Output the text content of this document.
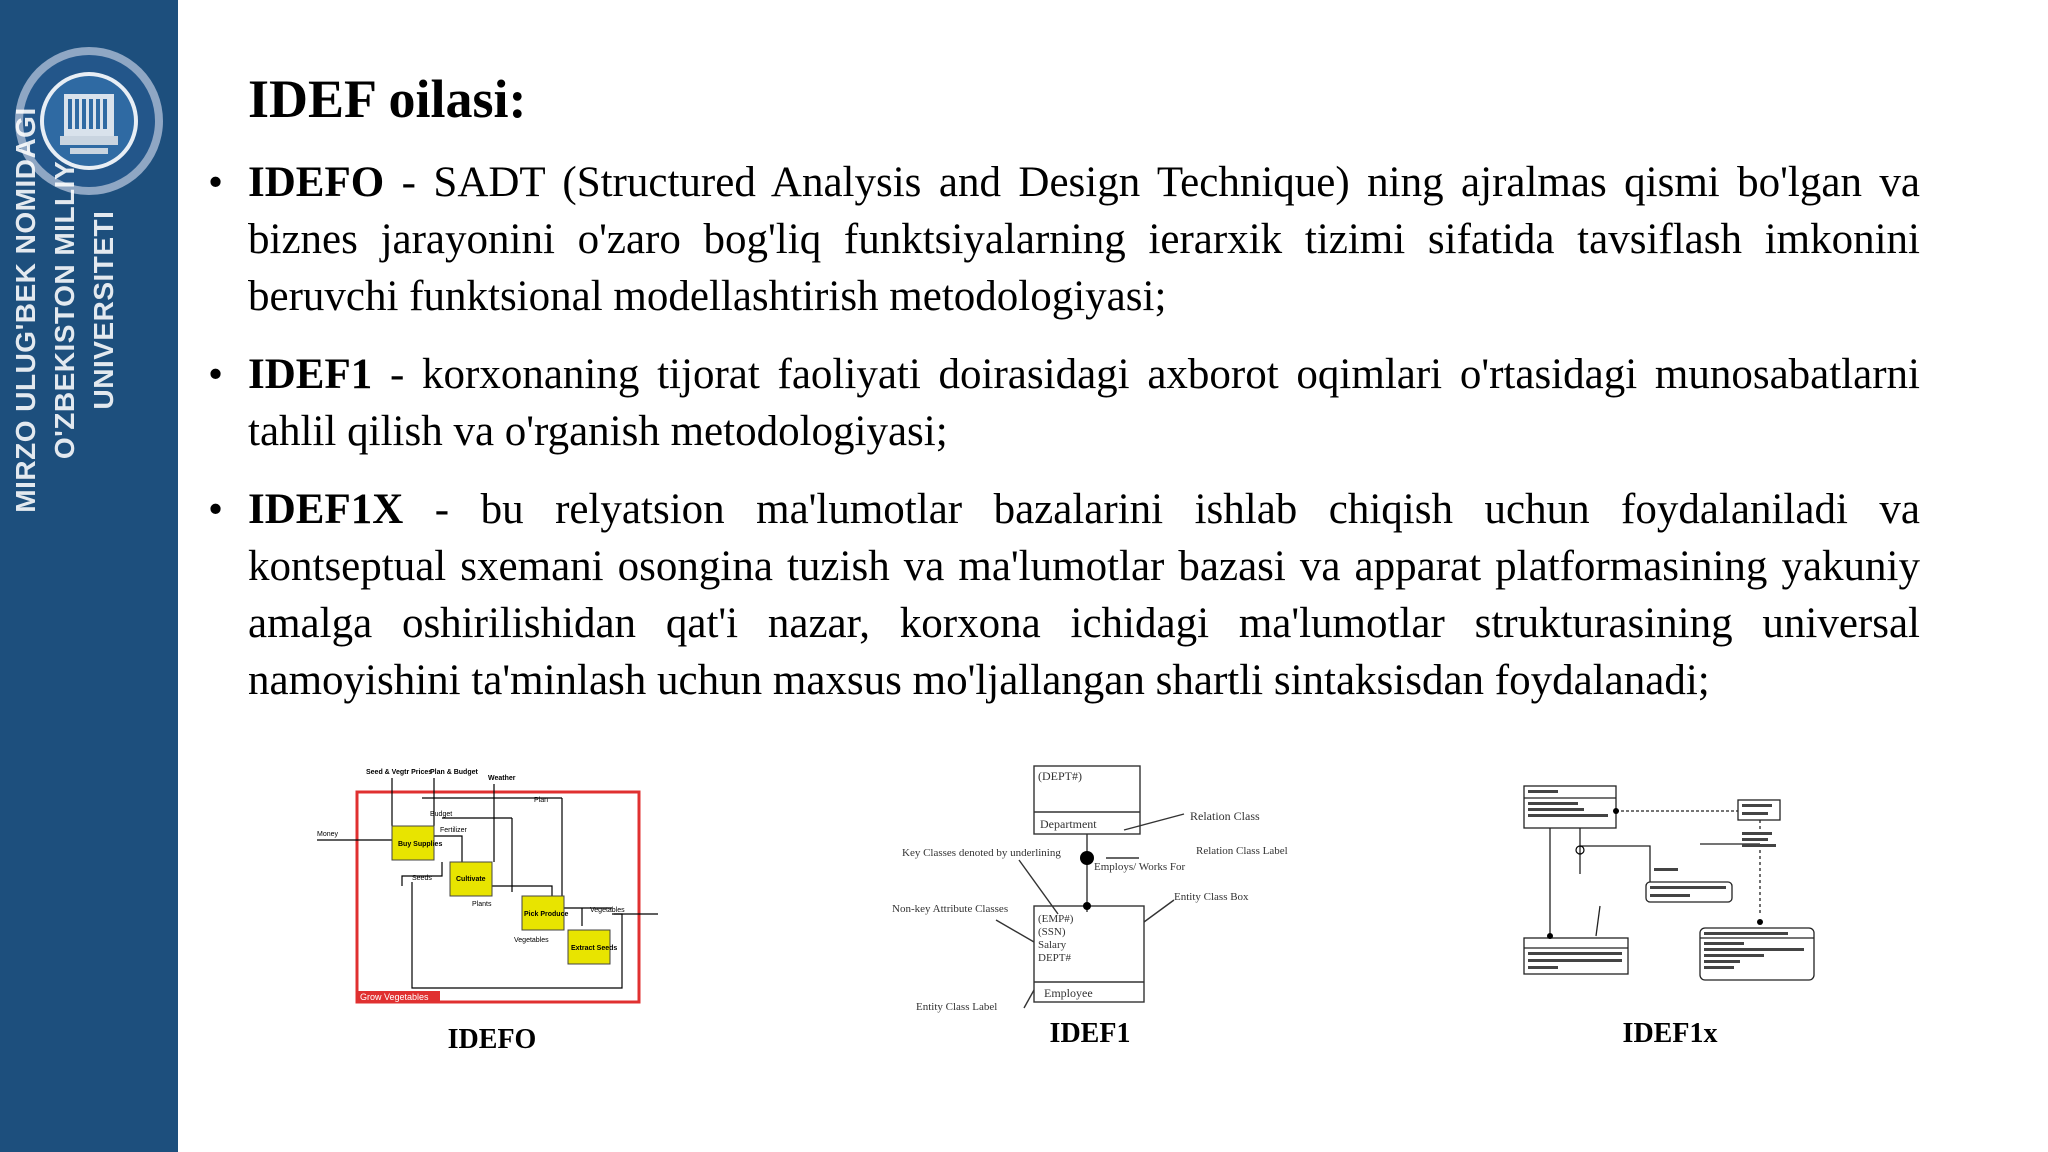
MIRZO ULUG'BEK NOMIDAGI O'ZBEKISTON MILLIY UNIVERSITETI
IDEF oilasi:
• IDEFO - SADT (Structured Analysis and Design Technique) ning ajralmas qismi bo'lgan va biznes jarayonini o'zaro bog'liq funktsiyalarning ierarxik tizimi sifatida tavsiflash imkonini beruvchi funktsional modellashtirish metodologiyasi;
• IDEF1 - korxonaning tijorat faoliyati doirasidagi axborot oqimlari o'rtasidagi munosabatlarni tahlil qilish va o'rganish metodologiyasi;
• IDEF1X - bu relyatsion ma'lumotlar bazalarini ishlab chiqish uchun foydalaniladi va kontseptual sxemani osongina tuzish va ma'lumotlar bazasi va apparat platformasining yakuniy amalga oshirilishidan qat'i nazar, korxona ichidagi ma'lumotlar strukturasining universal namoyishini ta'minlash uchun maxsus mo'ljallangan shartli sintaksisdan foydalanadi;
Grow Vegetables
Seed & Vegtr Prices
Plan & Budget
Weather
Money
Plan
Budget
Fertilizer
Seeds
Plants
Vegetables
Vegetables
Buy Supplies
Cultivate
Pick Produce
Extract Seeds
IDEFO
(DEPT#)
Department
Relation Class
Key Classes denoted by underlining
Employs/ Works For
Relation Class Label
Non-key Attribute Classes
Entity Class Box
(EMP#)
(SSN)
Salary
DEPT#
Employee
Entity Class Label
IDEF1	IDEF1x
